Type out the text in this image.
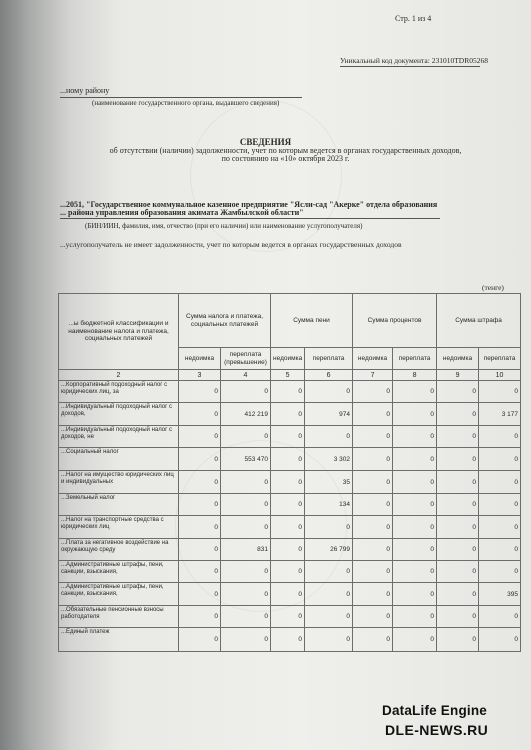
Стр. 1 из 4
Уникальный код документа: 231010TDR05268
...ному району
(наименование государственного органа, выдавшего сведения)
СВЕДЕНИЯ
об отсутствии (наличии) задолженности, учет по которым ведется в органах государственных доходов,
по состоянию на «10» октября 2023 г.
...2051, "Государственное коммунальное казенное предприятие "Ясли-сад "Акерке" отдела образования
... района управления образования акимата Жамбылской области"
(БИН/ИИН, фамилия, имя, отчество (при его наличии) или наименование услугополучателя)
...услугополучатель не имеет задолженности, учет по которым ведется в органах государственных доходов
(тенге)
...ы бюджетной классификации и наименование налога и платежа, социальных платежей	Сумма налога и платежа, социальных платежей		Сумма пени		Сумма процентов		Сумма штрафа	
	недоимка	переплата (превышение)	недоимка	переплата	недоимка	переплата	недоимка	переплата
2	3	4	5	6	7	8	9	10
...Корпоративный подоходный налог с юридических лиц, за	0	0	0	0	0	0	0	0
...Индивидуальный подоходный налог с доходов,	0	412 219	0	974	0	0	0	3 177
...Индивидуальный подоходный налог с доходов, не	0	0	0	0	0	0	0	0
...Социальный налог	0	553 470	0	3 302	0	0	0	0
...Налог на имущество юридических лиц и индивидуальных	0	0	0	35	0	0	0	0
...Земельный налог	0	0	0	134	0	0	0	0
...Налог на транспортные средства с юридических лиц	0	0	0	0	0	0	0	0
...Плата за негативное воздействие на окружающую среду	0	831	0	26 799	0	0	0	0
...Административные штрафы, пени, санкции, взыскания,	0	0	0	0	0	0	0	0
...Административные штрафы, пени, санкции, взыскания,	0	0	0	0	0	0	0	395
...Обязательные пенсионные взносы работодателя	0	0	0	0	0	0	0	0
...Единый платеж	0	0	0	0	0	0	0	0
DataLife Engine
DLE-NEWS.RU
